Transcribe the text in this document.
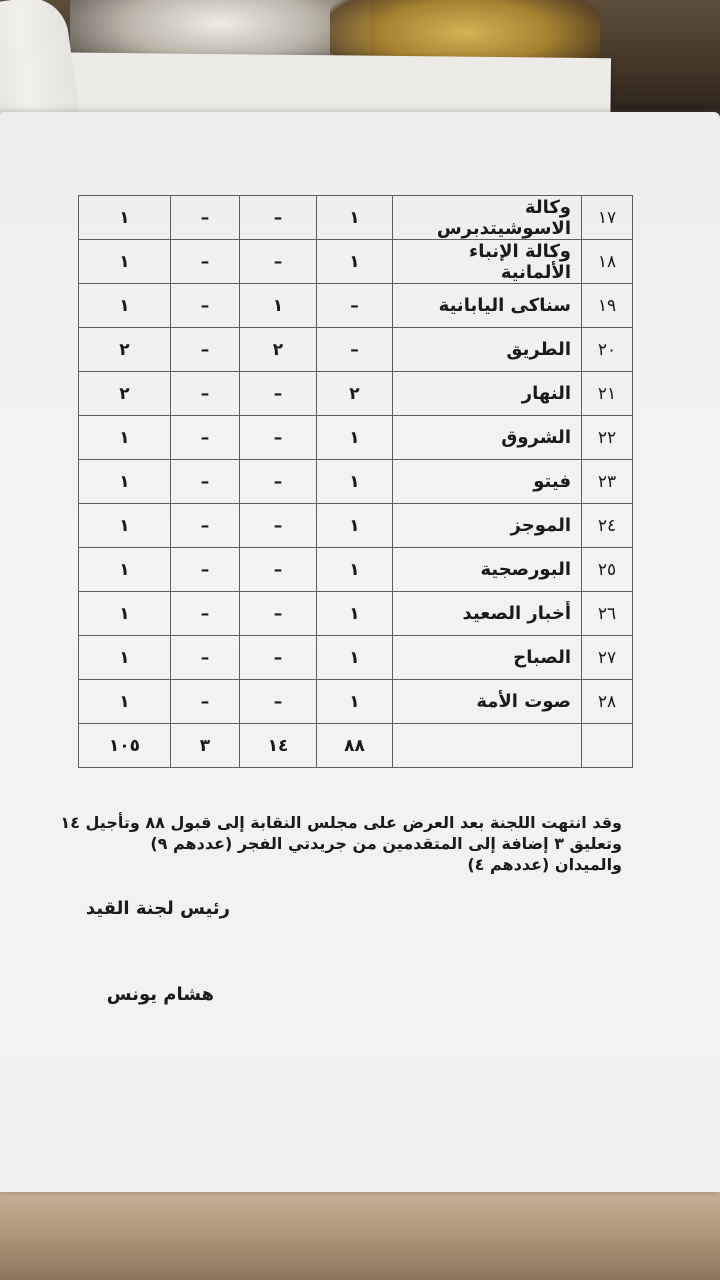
١٧	وكالة الاسوشيتدبرس	١	–	–	١
١٨	وكالة الإنباء الألمانية	١	–	–	١
١٩	سناكى اليابانية	–	١	–	١
٢٠	الطريق	–	٢	–	٢
٢١	النهار	٢	–	–	٢
٢٢	الشروق	١	–	–	١
٢٣	فيتو	١	–	–	١
٢٤	الموجز	١	–	–	١
٢٥	البورصجية	١	–	–	١
٢٦	أخبار الصعيد	١	–	–	١
٢٧	الصباح	١	–	–	١
٢٨	صوت الأمة	١	–	–	١
		٨٨	١٤	٣	١٠٥
وقد انتهت اللجنة بعد العرض على مجلس النقابة إلى قبول ٨٨ وتأجيل ١٤
وتعليق ٣ إضافة إلى المتقدمين من جريدتي الفجر (عددهم ٩)
والميدان (عددهم ٤)
رئيس لجنة القيد
هشام يونس
